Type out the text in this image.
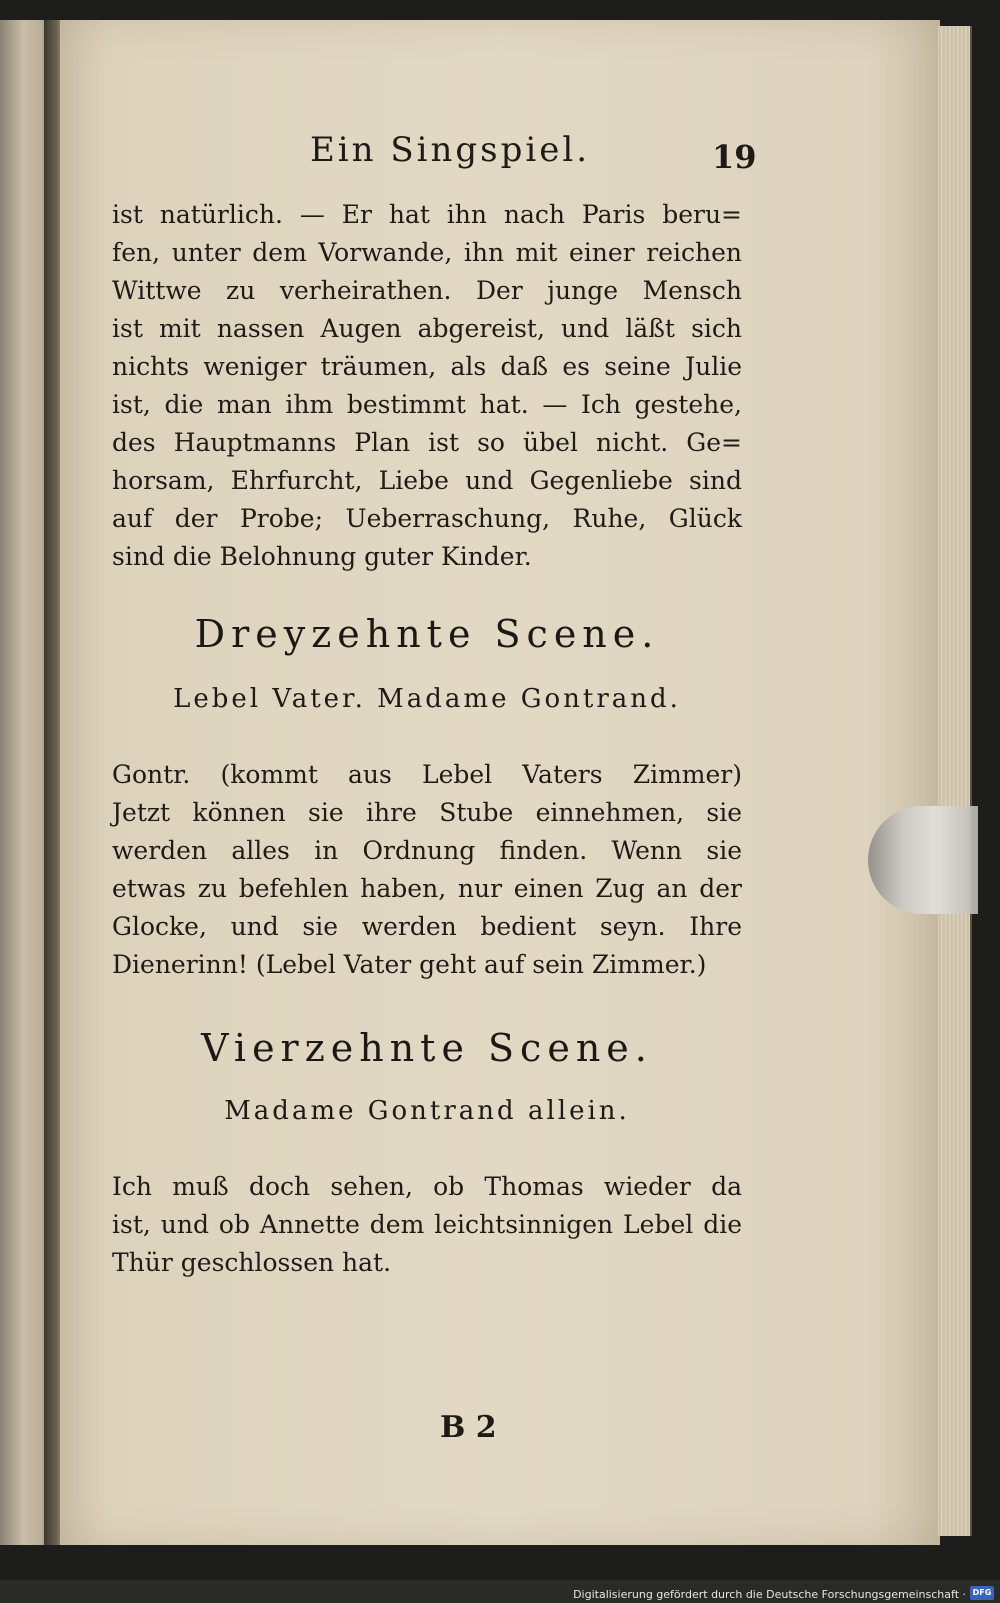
Ein Singspiel.	19
ist natürlich. — Er hat ihn nach Paris beru=
fen, unter dem Vorwande, ihn mit einer reichen
Wittwe zu verheirathen. Der junge Mensch
ist mit nassen Augen abgereist, und läßt sich
nichts weniger träumen, als daß es seine Julie
ist, die man ihm bestimmt hat. — Ich gestehe,
des Hauptmanns Plan ist so übel nicht. Ge=
horsam, Ehrfurcht, Liebe und Gegenliebe sind
auf der Probe; Ueberraschung, Ruhe, Glück
sind die Belohnung guter Kinder.
Dreyzehnte Scene.
Lebel Vater. Madame Gontrand.
Gontr. (kommt aus Lebel Vaters Zimmer)
Jetzt können sie ihre Stube einnehmen, sie
werden alles in Ordnung finden. Wenn sie
etwas zu befehlen haben, nur einen Zug an der
Glocke, und sie werden bedient seyn. Ihre
Dienerinn! (Lebel Vater geht auf sein Zimmer.)
Vierzehnte Scene.
Madame Gontrand allein.
Ich muß doch sehen, ob Thomas wieder da
ist, und ob Annette dem leichtsinnigen Lebel die
Thür geschlossen hat.
B 2
Digitalisierung gefördert durch die Deutsche Forschungsgemeinschaft · DFG
